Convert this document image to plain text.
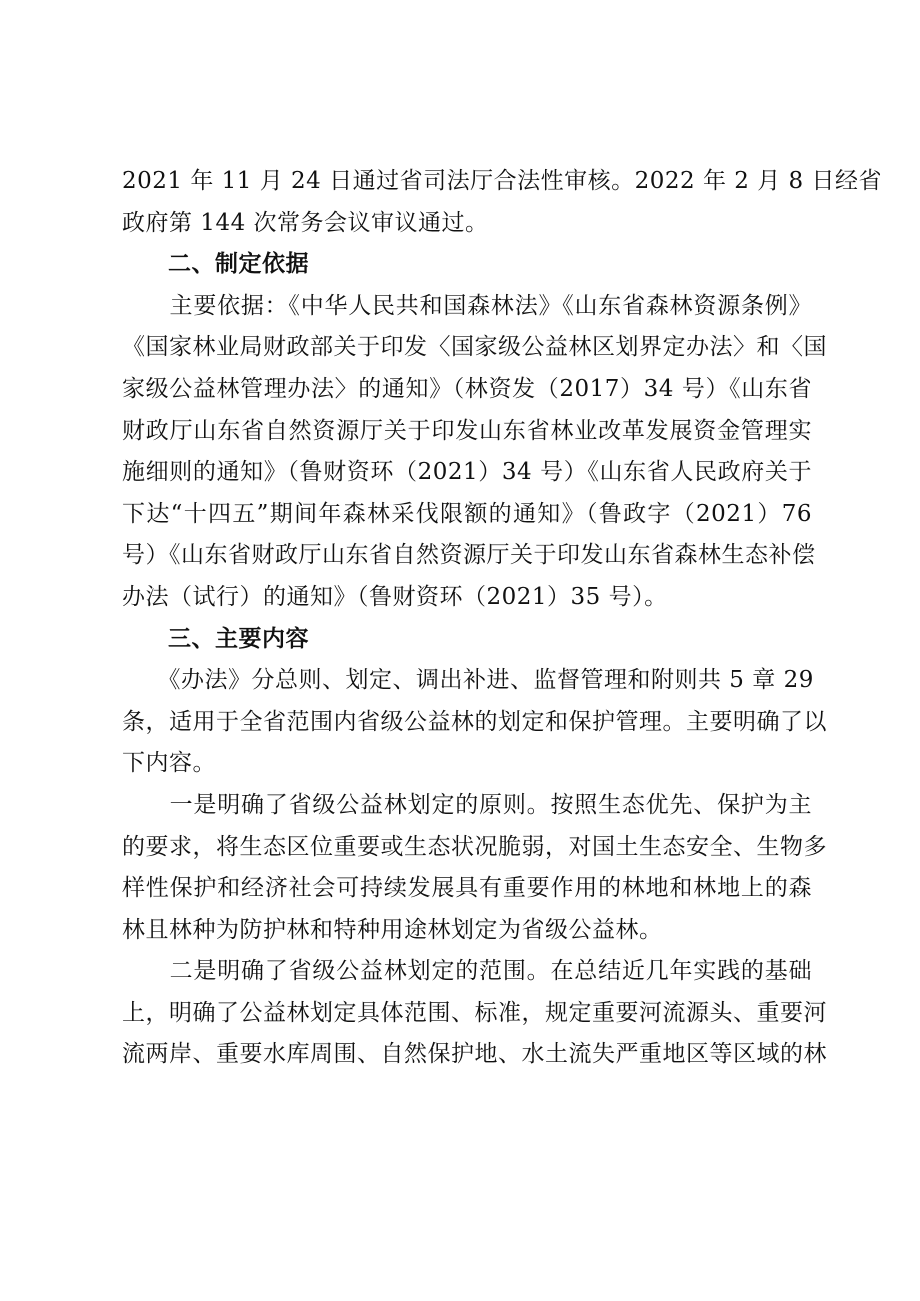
2021 年 11 月 24 日通过省司法厅合法性审核。2022 年 2 月 8 日经省
政府第 144 次常务会议审议通过。
二、制定依据
　　主要依据：《中华人民共和国森林法》《山东省森林资源条例》
《国家林业局财政部关于印发〈国家级公益林区划界定办法〉和〈国
家级公益林管理办法〉的通知》（林资发（2017）34 号）《山东省
财政厅山东省自然资源厅关于印发山东省林业改革发展资金管理实
施细则的通知》（鲁财资环（2021）34 号）《山东省人民政府关于
下达“十四五”期间年森林采伐限额的通知》（鲁政字（2021）76
号）《山东省财政厅山东省自然资源厅关于印发山东省森林生态补偿
办法（试行）的通知》（鲁财资环（2021）35 号）。
三、主要内容
　　《办法》分总则、划定、调出补进、监督管理和附则共 5 章 29
条，适用于全省范围内省级公益林的划定和保护管理。主要明确了以
下内容。
　　一是明确了省级公益林划定的原则。按照生态优先、保护为主
的要求，将生态区位重要或生态状况脆弱，对国土生态安全、生物多
样性保护和经济社会可持续发展具有重要作用的林地和林地上的森
林且林种为防护林和特种用途林划定为省级公益林。
　　二是明确了省级公益林划定的范围。在总结近几年实践的基础
上，明确了公益林划定具体范围、标准，规定重要河流源头、重要河
流两岸、重要水库周围、自然保护地、水土流失严重地区等区域的林
